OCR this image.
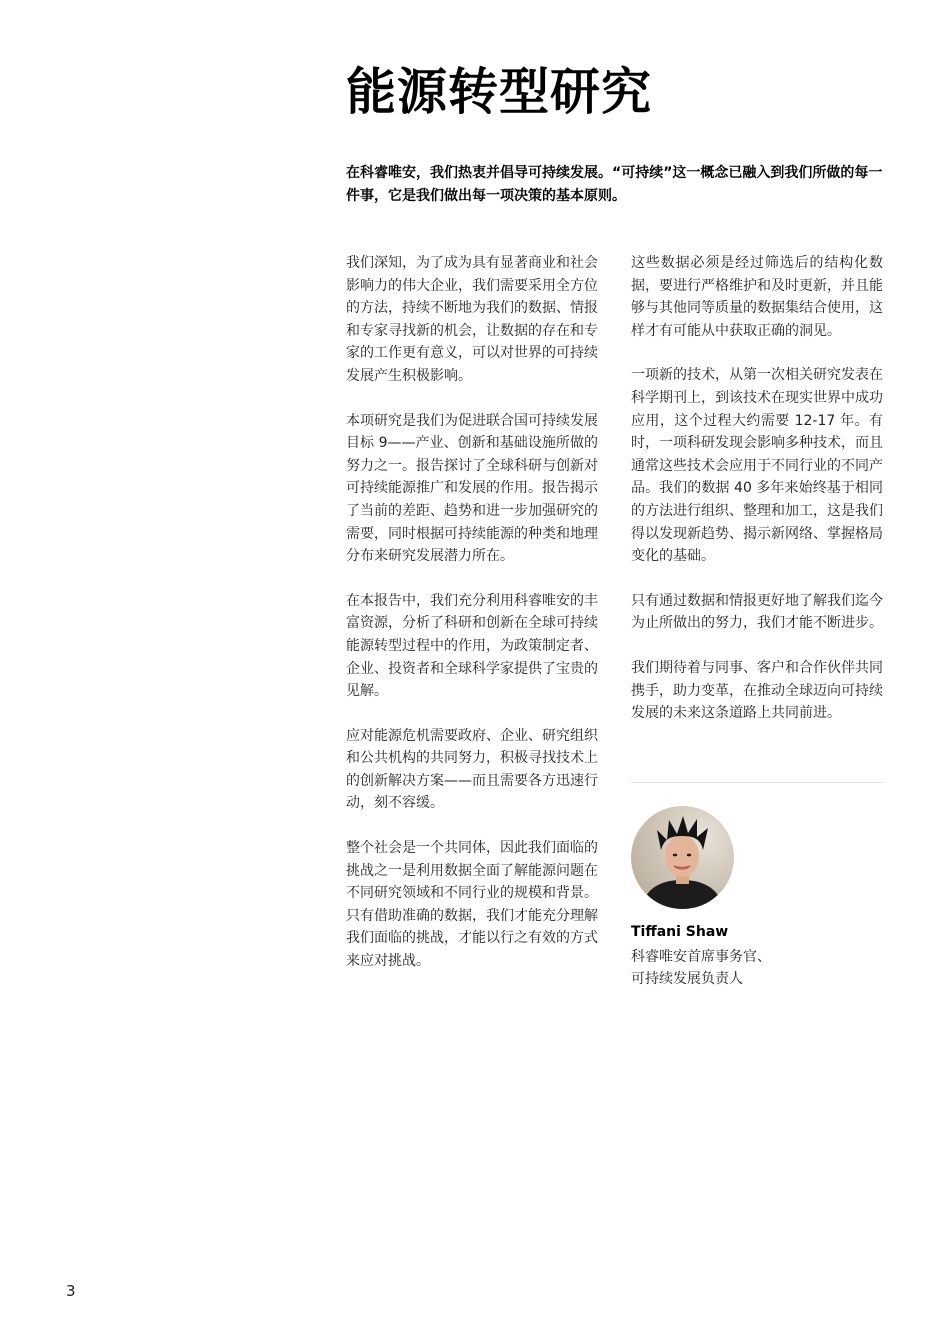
能源转型研究

在科睿唯安，我们热衷并倡导可持续发展。“可持续”这一概念已融入到我们所做的每一件事，它是我们做出每一项决策的基本原则。

我们深知，为了成为具有显著商业和社会影响力的伟大企业，我们需要采用全方位的方法，持续不断地为我们的数据、情报和专家寻找新的机会，让数据的存在和专家的工作更有意义，可以对世界的可持续发展产生积极影响。

本项研究是我们为促进联合国可持续发展目标 9——产业、创新和基础设施所做的努力之一。报告探讨了全球科研与创新对可持续能源推广和发展的作用。报告揭示了当前的差距、趋势和进一步加强研究的需要，同时根据可持续能源的种类和地理分布来研究发展潜力所在。

在本报告中，我们充分利用科睿唯安的丰富资源，分析了科研和创新在全球可持续能源转型过程中的作用，为政策制定者、企业、投资者和全球科学家提供了宝贵的见解。

应对能源危机需要政府、企业、研究组织和公共机构的共同努力，积极寻找技术上的创新解决方案——而且需要各方迅速行动，刻不容缓。

整个社会是一个共同体，因此我们面临的挑战之一是利用数据全面了解能源问题在不同研究领域和不同行业的规模和背景。只有借助准确的数据，我们才能充分理解我们面临的挑战，才能以行之有效的方式来应对挑战。

这些数据必须是经过筛选后的结构化数据，要进行严格维护和及时更新，并且能够与其他同等质量的数据集结合使用，这样才有可能从中获取正确的洞见。

一项新的技术，从第一次相关研究发表在科学期刊上，到该技术在现实世界中成功应用，这个过程大约需要 12-17 年。有时，一项科研发现会影响多种技术，而且通常这些技术会应用于不同行业的不同产品。我们的数据 40 多年来始终基于相同的方法进行组织、整理和加工，这是我们得以发现新趋势、揭示新网络、掌握格局变化的基础。

只有通过数据和情报更好地了解我们迄今为止所做出的努力，我们才能不断进步。

我们期待着与同事、客户和合作伙伴共同携手，助力变革，在推动全球迈向可持续发展的未来这条道路上共同前进。

Tiffani Shaw

科睿唯安首席事务官、
可持续发展负责人

3
